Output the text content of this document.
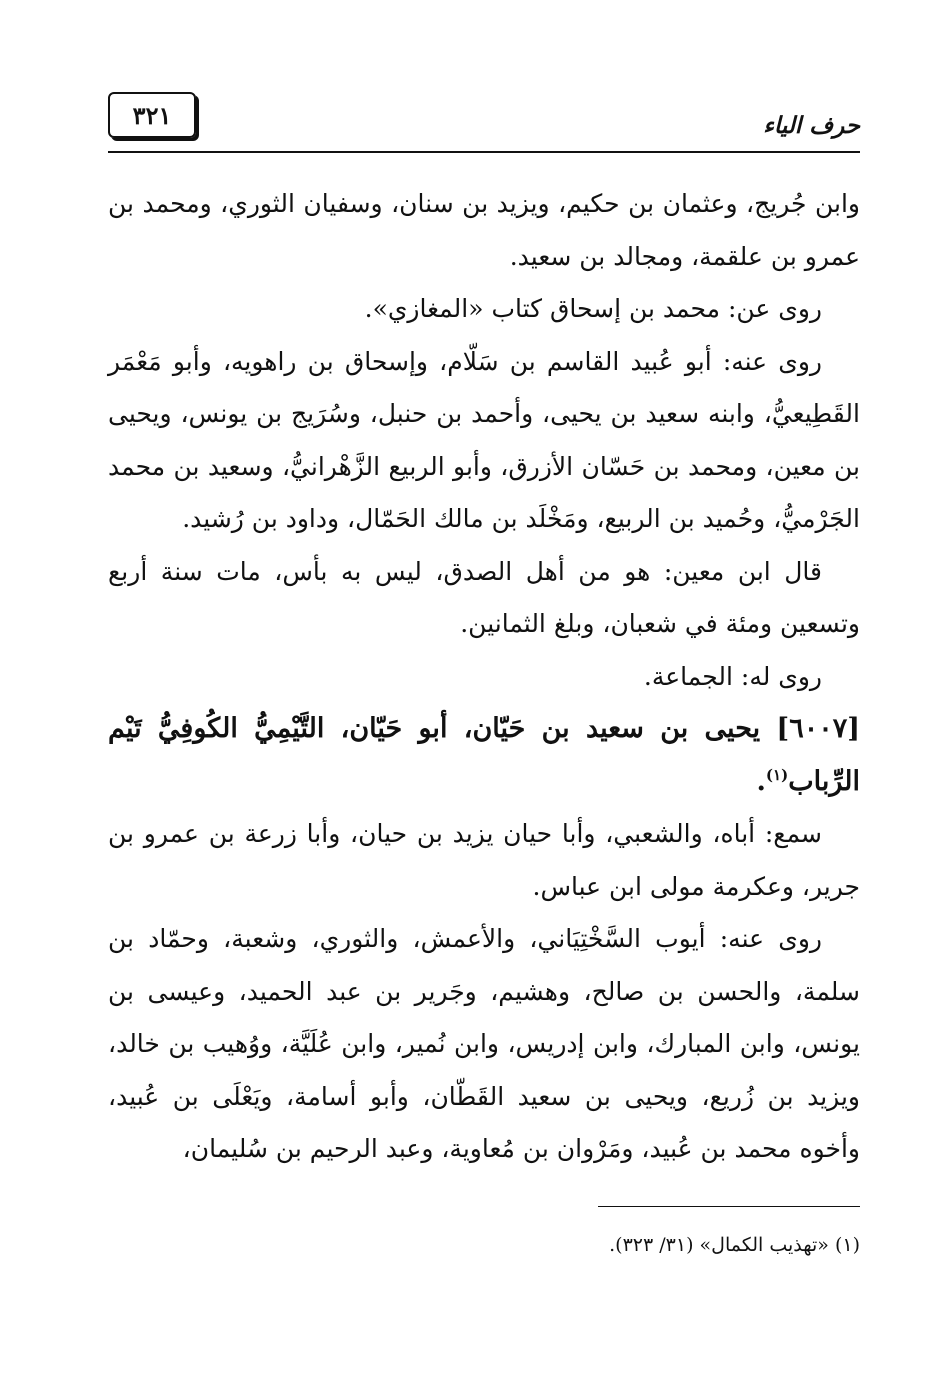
حرف الياء
٣٢١

وابن جُريج، وعثمان بن حكيم، ويزيد بن سنان، وسفيان الثوري، ومحمد بن عمرو بن علقمة، ومجالد بن سعيد.

روى عن: محمد بن إسحاق كتاب «المغازي».

روى عنه: أبو عُبيد القاسم بن سَلّام، وإسحاق بن راهويه، وأبو مَعْمَر القَطِيعيُّ، وابنه سعيد بن يحيى، وأحمد بن حنبل، وسُرَيج بن يونس، ويحيى بن معين، ومحمد بن حَسّان الأزرق، وأبو الربيع الزَّهْرانيُّ، وسعيد بن محمد الجَرْميُّ، وحُميد بن الربيع، ومَخْلَد بن مالك الحَمّال، وداود بن رُشيد.

قال ابن معين: هو من أهل الصدق، ليس به بأس، مات سنة أربع وتسعين ومئة في شعبان، وبلغ الثمانين.

روى له: الجماعة.

[٦٠٠٧] يحيى بن سعيد بن حَيّان، أبو حَيّان، التَّيْمِيُّ الكُوفِيُّ تَيْم الرِّباب$^{(١)}$.

سمع: أباه، والشعبي، وأبا حيان يزيد بن حيان، وأبا زرعة بن عمرو بن جرير، وعكرمة مولى ابن عباس.

روى عنه: أيوب السَّخْتِيَاني، والأعمش، والثوري، وشعبة، وحمّاد بن سلمة، والحسن بن صالح، وهشيم، وجَرير بن عبد الحميد، وعيسى بن يونس، وابن المبارك، وابن إدريس، وابن نُمير، وابن عُلَيَّة، ووُهيب بن خالد، ويزيد بن زُريع، ويحيى بن سعيد القَطّان، وأبو أسامة، ويَعْلَى بن عُبيد، وأخوه محمد بن عُبيد، ومَرْوان بن مُعاوية، وعبد الرحيم بن سُليمان،

(١) «تهذيب الكمال» (٣١/ ٣٢٣).
